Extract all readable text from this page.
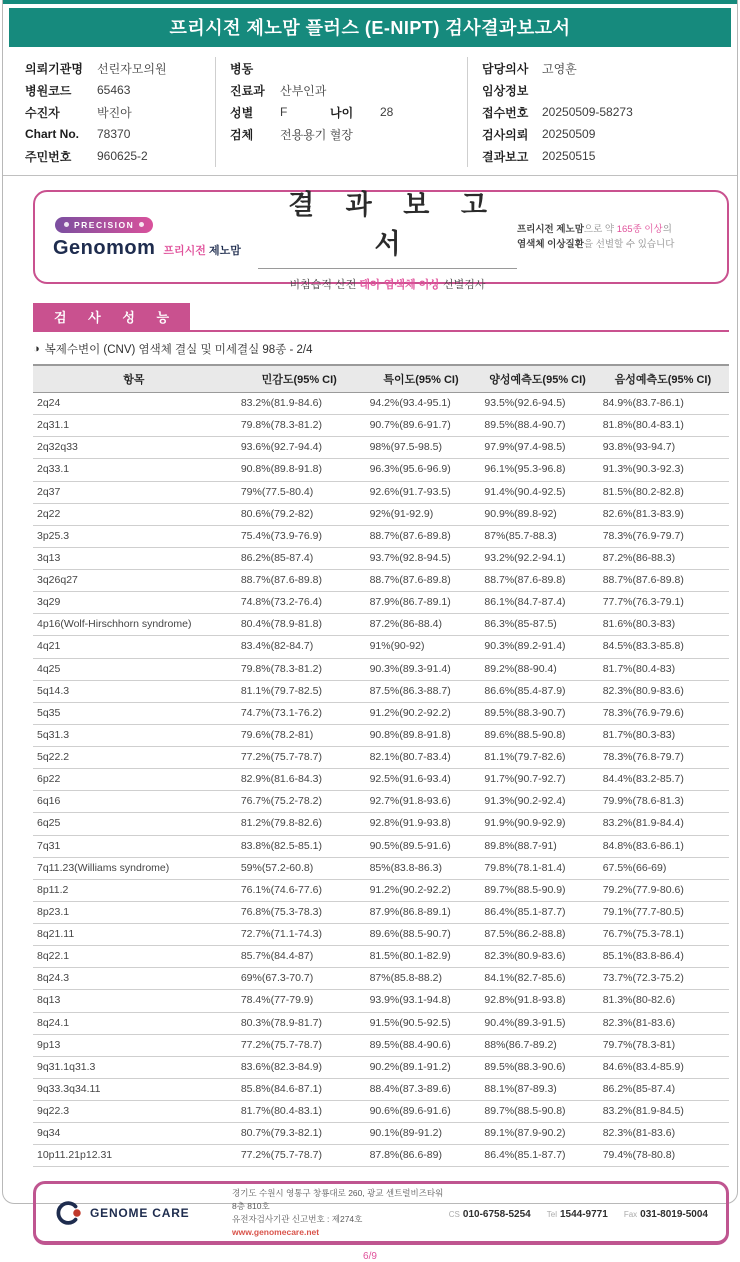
프리시전 제노맘 플러스 (E-NIPT) 검사결과보고서
의뢰기관명	선린자모의원
병원코드	65463
수진자	박진아
Chart No.	78370
주민번호	960625-2
병동
진료과	산부인과
성별	F	나이	28
검체	전용용기 혈장
담당의사	고영훈
임상정보
접수번호	20250509-58273
검사의뢰	20250509
결과보고	20250515
PRECISION
Genomom 프리시전 제노맘
결 과 보 고 서
비침습적 산전 태아 염색체 이상 선별검사
프리시전 제노맘으로 약 165종 이상의
염색체 이상질환을 선별할 수 있습니다
검 사 성 능
◑ 복제수변이 (CNV) 염색체 결실 및 미세결실 98종 - 2/4
항목	민감도(95% CI)	특이도(95% CI)	양성예측도(95% CI)	음성예측도(95% CI)
2q24	83.2%(81.9-84.6)	94.2%(93.4-95.1)	93.5%(92.6-94.5)	84.9%(83.7-86.1)
2q31.1	79.8%(78.3-81.2)	90.7%(89.6-91.7)	89.5%(88.4-90.7)	81.8%(80.4-83.1)
2q32q33	93.6%(92.7-94.4)	98%(97.5-98.5)	97.9%(97.4-98.5)	93.8%(93-94.7)
2q33.1	90.8%(89.8-91.8)	96.3%(95.6-96.9)	96.1%(95.3-96.8)	91.3%(90.3-92.3)
2q37	79%(77.5-80.4)	92.6%(91.7-93.5)	91.4%(90.4-92.5)	81.5%(80.2-82.8)
2q22	80.6%(79.2-82)	92%(91-92.9)	90.9%(89.8-92)	82.6%(81.3-83.9)
3p25.3	75.4%(73.9-76.9)	88.7%(87.6-89.8)	87%(85.7-88.3)	78.3%(76.9-79.7)
3q13	86.2%(85-87.4)	93.7%(92.8-94.5)	93.2%(92.2-94.1)	87.2%(86-88.3)
3q26q27	88.7%(87.6-89.8)	88.7%(87.6-89.8)	88.7%(87.6-89.8)	88.7%(87.6-89.8)
3q29	74.8%(73.2-76.4)	87.9%(86.7-89.1)	86.1%(84.7-87.4)	77.7%(76.3-79.1)
4p16(Wolf-Hirschhorn syndrome)	80.4%(78.9-81.8)	87.2%(86-88.4)	86.3%(85-87.5)	81.6%(80.3-83)
4q21	83.4%(82-84.7)	91%(90-92)	90.3%(89.2-91.4)	84.5%(83.3-85.8)
4q25	79.8%(78.3-81.2)	90.3%(89.3-91.4)	89.2%(88-90.4)	81.7%(80.4-83)
5q14.3	81.1%(79.7-82.5)	87.5%(86.3-88.7)	86.6%(85.4-87.9)	82.3%(80.9-83.6)
5q35	74.7%(73.1-76.2)	91.2%(90.2-92.2)	89.5%(88.3-90.7)	78.3%(76.9-79.6)
5q31.3	79.6%(78.2-81)	90.8%(89.8-91.8)	89.6%(88.5-90.8)	81.7%(80.3-83)
5q22.2	77.2%(75.7-78.7)	82.1%(80.7-83.4)	81.1%(79.7-82.6)	78.3%(76.8-79.7)
6p22	82.9%(81.6-84.3)	92.5%(91.6-93.4)	91.7%(90.7-92.7)	84.4%(83.2-85.7)
6q16	76.7%(75.2-78.2)	92.7%(91.8-93.6)	91.3%(90.2-92.4)	79.9%(78.6-81.3)
6q25	81.2%(79.8-82.6)	92.8%(91.9-93.8)	91.9%(90.9-92.9)	83.2%(81.9-84.4)
7q31	83.8%(82.5-85.1)	90.5%(89.5-91.6)	89.8%(88.7-91)	84.8%(83.6-86.1)
7q11.23(Williams syndrome)	59%(57.2-60.8)	85%(83.8-86.3)	79.8%(78.1-81.4)	67.5%(66-69)
8p11.2	76.1%(74.6-77.6)	91.2%(90.2-92.2)	89.7%(88.5-90.9)	79.2%(77.9-80.6)
8p23.1	76.8%(75.3-78.3)	87.9%(86.8-89.1)	86.4%(85.1-87.7)	79.1%(77.7-80.5)
8q21.11	72.7%(71.1-74.3)	89.6%(88.5-90.7)	87.5%(86.2-88.8)	76.7%(75.3-78.1)
8q22.1	85.7%(84.4-87)	81.5%(80.1-82.9)	82.3%(80.9-83.6)	85.1%(83.8-86.4)
8q24.3	69%(67.3-70.7)	87%(85.8-88.2)	84.1%(82.7-85.6)	73.7%(72.3-75.2)
8q13	78.4%(77-79.9)	93.9%(93.1-94.8)	92.8%(91.8-93.8)	81.3%(80-82.6)
8q24.1	80.3%(78.9-81.7)	91.5%(90.5-92.5)	90.4%(89.3-91.5)	82.3%(81-83.6)
9p13	77.2%(75.7-78.7)	89.5%(88.4-90.6)	88%(86.7-89.2)	79.7%(78.3-81)
9q31.1q31.3	83.6%(82.3-84.9)	90.2%(89.1-91.2)	89.5%(88.3-90.6)	84.6%(83.4-85.9)
9q33.3q34.11	85.8%(84.6-87.1)	88.4%(87.3-89.6)	88.1%(87-89.3)	86.2%(85-87.4)
9q22.3	81.7%(80.4-83.1)	90.6%(89.6-91.6)	89.7%(88.5-90.8)	83.2%(81.9-84.5)
9q34	80.7%(79.3-82.1)	90.1%(89-91.2)	89.1%(87.9-90.2)	82.3%(81-83.6)
10p11.21p12.31	77.2%(75.7-78.7)	87.8%(86.6-89)	86.4%(85.1-87.7)	79.4%(78-80.8)
GENOME CARE
경기도 수원시 영통구 창룡대로 260, 광교 센트럴비즈타워 8층 810호
유전자검사기관 신고번호 : 제274호
www.genomecare.net
CS 010-6758-5254 Tel 1544-9771 Fax 031-8019-5004
6/9
